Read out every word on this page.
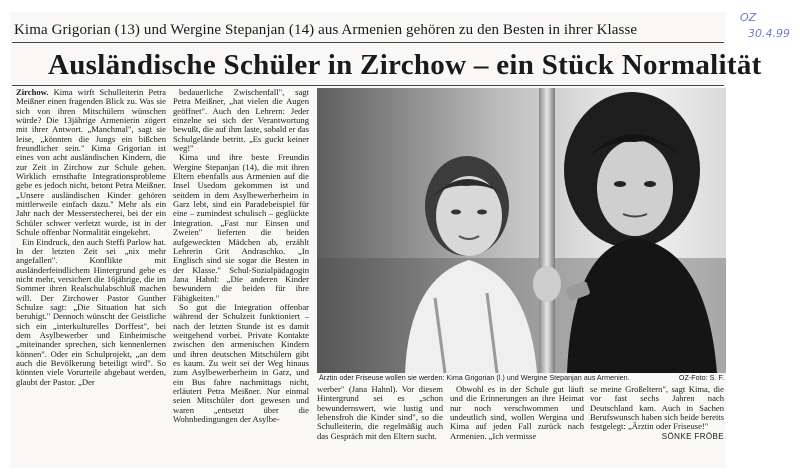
Kima Grigorian (13) und Wergine Stepanjan (14) aus Armenien gehören zu den Besten in ihrer Klasse
Ausländische Schüler in Zirchow – ein Stück Normalität
OZ
30.4.99

Zirchow. Kima wirft Schulleiterin Petra Meißner einen fragenden Blick zu. Was sie sich von ihren Mitschülern wünschen würde? Die 13jährige Armenierin zögert mit ihrer Antwort. „Manchmal", sagt sie leise, „könnten die Jungs ein bißchen freundlicher sein." Kima Grigorian ist eines von acht ausländischen Kindern, die zur Zeit in Zirchow zur Schule gehen. Wirklich ernsthafte Integrationsprobleme gebe es jedoch nicht, betont Petra Meißner. „Unsere ausländischen Kinder gehören mittlerweile einfach dazu." Mehr als ein Jahr nach der Messerstecherei, bei der ein Schüler schwer verletzt wurde, ist in der Schule offenbar Normalität eingekehrt.

Ein Eindruck, den auch Steffi Parlow hat. In der letzten Zeit sei „nix mehr angefallen". Konflikte mit ausländerfeindlichem Hintergrund gebe es nicht mehr, versichert die 16jährige, die im Sommer ihren Realschulabschluß machen will. Der Zirchower Pastor Gunther Schulze sagt: „Die Situation hat sich beruhigt." Dennoch wünscht der Geistliche sich ein „interkulturelles Dorffest", bei dem Asylbewerber und Einheimische „miteinander sprechen, sich kennenlernen können". Oder ein Schulprojekt, „an dem auch die Bevölkerung beteiligt wird". So könnten viele Vorurteile abgebaut werden, glaubt der Pastor. „Der

bedauerliche Zwischenfall", sagt Petra Meißner, „hat vielen die Augen geöffnet". Auch den Lehrern: Jeder einzelne sei sich der Verantwortung bewußt, die auf ihm laste, sobald er das Schulgelände betritt. „Es guckt keiner weg!"

Kima und ihre beste Freundin Wergine Stepanjan (14), die mit ihren Eltern ebenfalls aus Armenien auf die Insel Usedom gekommen ist und seitdem in dem Asylbewerberheim in Garz lebt, sind ein Paradebeispiel für eine – zumindest schulisch – geglückte Integration. „Fast nur Einsen und Zweien" lieferten die beiden aufgeweckten Mädchen ab, erzählt Lehrerin Grit Andraschko. „In Englisch sind sie sogar die Besten in der Klasse." Schul-Sozialpädagogin Jana Hahnl: „Die anderen Kinder bewundern die beiden für ihre Fähigkeiten."

So gut die Integration offenbar während der Schulzeit funktioniert – nach der letzten Stunde ist es damit weitgehend vorbei. Private Kontakte zwischen den armenischen Kindern und ihren deutschen Mitschülern gibt es kaum. Zu weit sei der Weg hinaus zum Asylbewerberheim in Garz, und ein Bus fahre nachmittags nicht, erläutert Petra Meißner. Nur einmal seien Mitschüler dort gewesen und waren „entsetzt über die Wohnbedingungen der Asylbe-

Ärztin oder Friseuse wollen sie werden: Kima Grigorian (l.) und Wergine Stepanjan aus Armenien.	OZ-Foto: S. F.

werber" (Jana Hahnl). Vor diesem Hintergrund sei es „schon bewundernswert, wie lustig und lebensfroh die Kinder sind", so die Schulleiterin, die regelmäßig auch das Gespräch mit den Eltern sucht.

Obwohl es in der Schule gut läuft und die Erinnerungen an ihre Heimat nur noch verschwommen und undeutlich sind, wollen Wergina und Kima auf jeden Fall zurück nach Armenien. „Ich vermisse

se meine Großeltern", sagt Kima, die vor fast sechs Jahren nach Deutschland kam. Auch in Sachen Berufswunsch haben sich beide bereits festgelegt: „Ärztin oder Friseuse!"

SÖNKE FRÖBE
